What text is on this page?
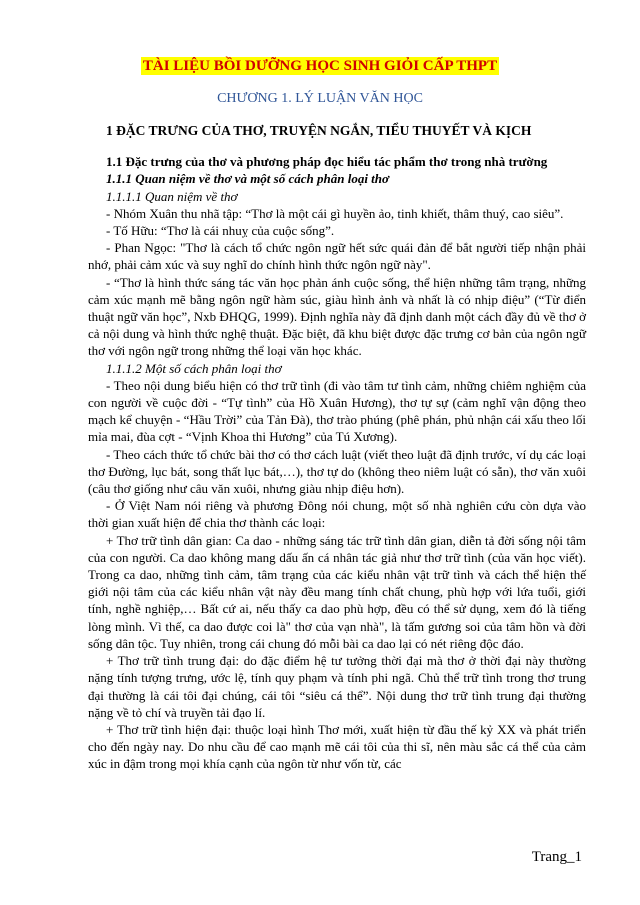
TÀI LIỆU BỒI DƯỠNG HỌC SINH GIỎI CẤP THPT
CHƯƠNG 1. LÝ LUẬN VĂN HỌC

1 ĐẶC TRƯNG CỦA THƠ, TRUYỆN NGẮN, TIỂU THUYẾT VÀ KỊCH

1.1 Đặc trưng của thơ và phương pháp đọc hiểu tác phẩm thơ trong nhà trường

1.1.1 Quan niệm về thơ và một số cách phân loại thơ

1.1.1.1 Quan niệm về thơ

- Nhóm Xuân thu nhã tập: “Thơ là một cái gì huyền ảo, tinh khiết, thâm thuý, cao siêu”.

- Tố Hữu: “Thơ là cái nhuỵ của cuộc sống”.

- Phan Ngọc: "Thơ là cách tổ chức ngôn ngữ hết sức quái đản để bắt người tiếp nhận phải nhớ, phải cảm xúc và suy nghĩ do chính hình thức ngôn ngữ này".

- “Thơ là hình thức sáng tác văn học phản ánh cuộc sống, thể hiện những tâm trạng, những cảm xúc mạnh mẽ bằng ngôn ngữ hàm súc, giàu hình ảnh và nhất là có nhịp điệu” (“Từ điển thuật ngữ văn học”, Nxb ĐHQG, 1999). Định nghĩa này đã định danh một cách đầy đủ về thơ ở cả nội dung và hình thức nghệ thuật. Đặc biệt, đã khu biệt được đặc trưng cơ bản của ngôn ngữ thơ với ngôn ngữ trong những thể loại văn học khác.

1.1.1.2 Một số cách phân loại thơ

- Theo nội dung biểu hiện có thơ trữ tình (đi vào tâm tư tình cảm, những chiêm nghiệm của con người về cuộc đời - “Tự tình” của Hồ Xuân Hương), thơ tự sự (cảm nghĩ vận động theo mạch kể chuyện - “Hầu Trời” của Tản Đà), thơ trào phúng (phê phán, phủ nhận cái xấu theo lối mỉa mai, đùa cợt - “Vịnh Khoa thi Hương” của Tú Xương).

- Theo cách thức tổ chức bài thơ có thơ cách luật (viết theo luật đã định trước, ví dụ các loại thơ Đường, lục bát, song thất lục bát,…), thơ tự do (không theo niêm luật có sẵn), thơ văn xuôi (câu thơ giống như câu văn xuôi, nhưng giàu nhịp điệu hơn).

- Ở Việt Nam nói riêng và phương Đông nói chung, một số nhà nghiên cứu còn dựa vào thời gian xuất hiện để chia thơ thành các loại:

+ Thơ trữ tình dân gian: Ca dao - những sáng tác trữ tình dân gian, diễn tả đời sống nội tâm của con người. Ca dao không mang dấu ấn cá nhân tác giả như thơ trữ tình (của văn học viết). Trong ca dao, những tình cảm, tâm trạng của các kiểu nhân vật trữ tình và cách thể hiện thế giới nội tâm của các kiểu nhân vật này đều mang tính chất chung, phù hợp với lứa tuổi, giới tính, nghề nghiệp,… Bất cứ ai, nếu thấy ca dao phù hợp, đều có thể sử dụng, xem đó là tiếng lòng mình. Vì thế, ca dao được coi là" thơ của vạn nhà", là tấm gương soi của tâm hồn và đời sống dân tộc. Tuy nhiên, trong cái chung đó mỗi bài ca dao lại có nét riêng độc đáo.

+ Thơ trữ tình trung đại: do đặc điểm hệ tư tưởng thời đại mà thơ ở thời đại này thường nặng tính tượng trưng, ước lệ, tính quy phạm và tính phi ngã. Chủ thể trữ tình trong thơ trung đại thường là cái tôi đại chúng, cái tôi “siêu cá thể”. Nội dung thơ trữ tình trung đại thường nặng về tỏ chí và truyền tải đạo lí.

+ Thơ trữ tình hiện đại: thuộc loại hình Thơ mới, xuất hiện từ đầu thế kỷ XX và phát triển cho đến ngày nay. Do nhu cầu để cao mạnh mẽ cái tôi của thi sĩ, nên màu sắc cá thể của cảm xúc in đậm trong mọi khía cạnh của ngôn từ như vốn từ, các

Trang_1
